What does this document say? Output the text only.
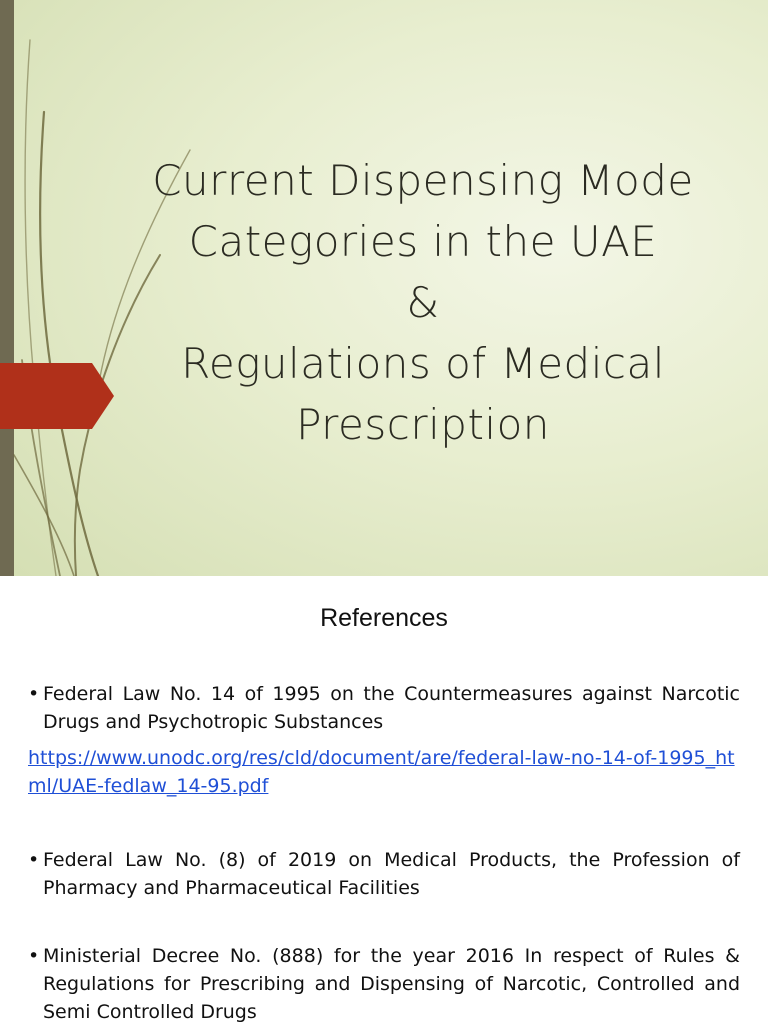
Current Dispensing Mode
Categories in the UAE
&
Regulations of Medical
Prescription
References
• Federal Law No. 14 of 1995 on the Countermeasures against Narcotic Drugs and Psychotropic Substances
https://www.unodc.org/res/cld/document/are/federal-law-no-14-of-1995_html/UAE-fedlaw_14-95.pdf
• Federal Law No. (8) of 2019 on Medical Products, the Profession of Pharmacy and Pharmaceutical Facilities
• Ministerial Decree No. (888) for the year 2016 In respect of Rules & Regulations for Prescribing and Dispensing of Narcotic, Controlled and Semi Controlled Drugs
